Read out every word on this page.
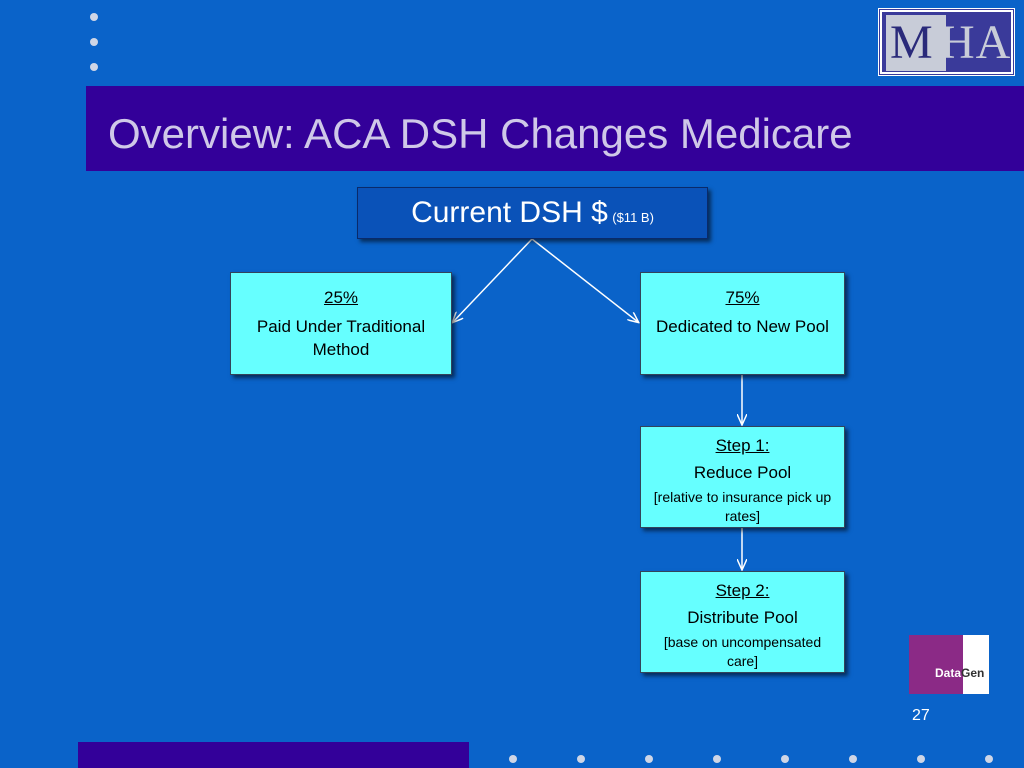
M HA
Overview: ACA DSH Changes Medicare
Current DSH $ ($11 B)
25%
Paid Under Traditional Method
75%
Dedicated to New Pool
Step 1:
Reduce Pool
[relative to insurance pick up rates]
Step 2:
Distribute Pool
[base on uncompensated care]
DataGen
27
